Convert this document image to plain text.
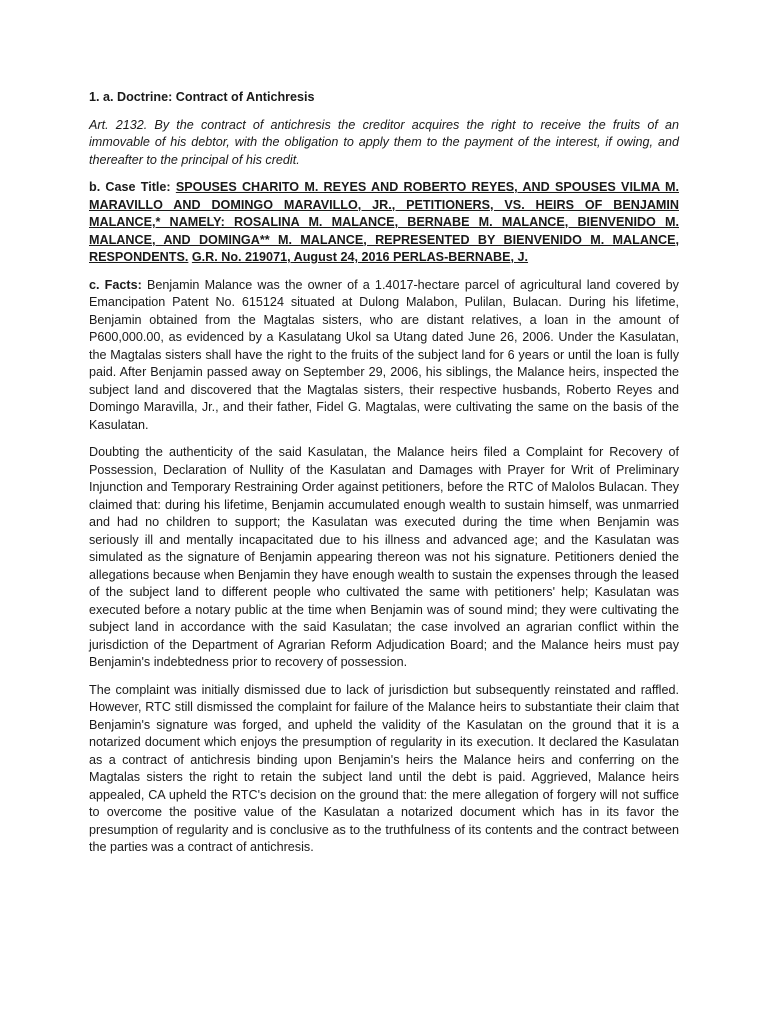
1. a. Doctrine: Contract of Antichresis

Art. 2132. By the contract of antichresis the creditor acquires the right to receive the fruits of an immovable of his debtor, with the obligation to apply them to the payment of the interest, if owing, and thereafter to the principal of his credit.

b. Case Title: SPOUSES CHARITO M. REYES AND ROBERTO REYES, AND SPOUSES VILMA M. MARAVILLO AND DOMINGO MARAVILLO, JR., PETITIONERS, VS. HEIRS OF BENJAMIN MALANCE,* NAMELY: ROSALINA M. MALANCE, BERNABE M. MALANCE, BIENVENIDO M. MALANCE, AND DOMINGA** M. MALANCE, REPRESENTED BY BIENVENIDO M. MALANCE, RESPONDENTS. G.R. No. 219071, August 24, 2016 PERLAS-BERNABE, J.

c. Facts: Benjamin Malance was the owner of a 1.4017-hectare parcel of agricultural land covered by Emancipation Patent No. 615124 situated at Dulong Malabon, Pulilan, Bulacan. During his lifetime, Benjamin obtained from the Magtalas sisters, who are distant relatives, a loan in the amount of P600,000.00, as evidenced by a Kasulatang Ukol sa Utang dated June 26, 2006. Under the Kasulatan, the Magtalas sisters shall have the right to the fruits of the subject land for 6 years or until the loan is fully paid. After Benjamin passed away on September 29, 2006, his siblings, the Malance heirs, inspected the subject land and discovered that the Magtalas sisters, their respective husbands, Roberto Reyes and Domingo Maravilla, Jr., and their father, Fidel G. Magtalas, were cultivating the same on the basis of the Kasulatan.

Doubting the authenticity of the said Kasulatan, the Malance heirs filed a Complaint for Recovery of Possession, Declaration of Nullity of the Kasulatan and Damages with Prayer for Writ of Preliminary Injunction and Temporary Restraining Order against petitioners, before the RTC of Malolos Bulacan. They claimed that: during his lifetime, Benjamin accumulated enough wealth to sustain himself, was unmarried and had no children to support; the Kasulatan was executed during the time when Benjamin was seriously ill and mentally incapacitated due to his illness and advanced age; and the Kasulatan was simulated as the signature of Benjamin appearing thereon was not his signature. Petitioners denied the allegations because when Benjamin they have enough wealth to sustain the expenses through the leased of the subject land to different people who cultivated the same with petitioners' help; Kasulatan was executed before a notary public at the time when Benjamin was of sound mind; they were cultivating the subject land in accordance with the said Kasulatan; the case involved an agrarian conflict within the jurisdiction of the Department of Agrarian Reform Adjudication Board; and the Malance heirs must pay Benjamin's indebtedness prior to recovery of possession.

The complaint was initially dismissed due to lack of jurisdiction but subsequently reinstated and raffled. However, RTC still dismissed the complaint for failure of the Malance heirs to substantiate their claim that Benjamin's signature was forged, and upheld the validity of the Kasulatan on the ground that it is a notarized document which enjoys the presumption of regularity in its execution. It declared the Kasulatan as a contract of antichresis binding upon Benjamin's heirs the Malance heirs and conferring on the Magtalas sisters the right to retain the subject land until the debt is paid. Aggrieved, Malance heirs appealed, CA upheld the RTC's decision on the ground that: the mere allegation of forgery will not suffice to overcome the positive value of the Kasulatan a notarized document which has in its favor the presumption of regularity and is conclusive as to the truthfulness of its contents and the contract between the parties was a contract of antichresis.
